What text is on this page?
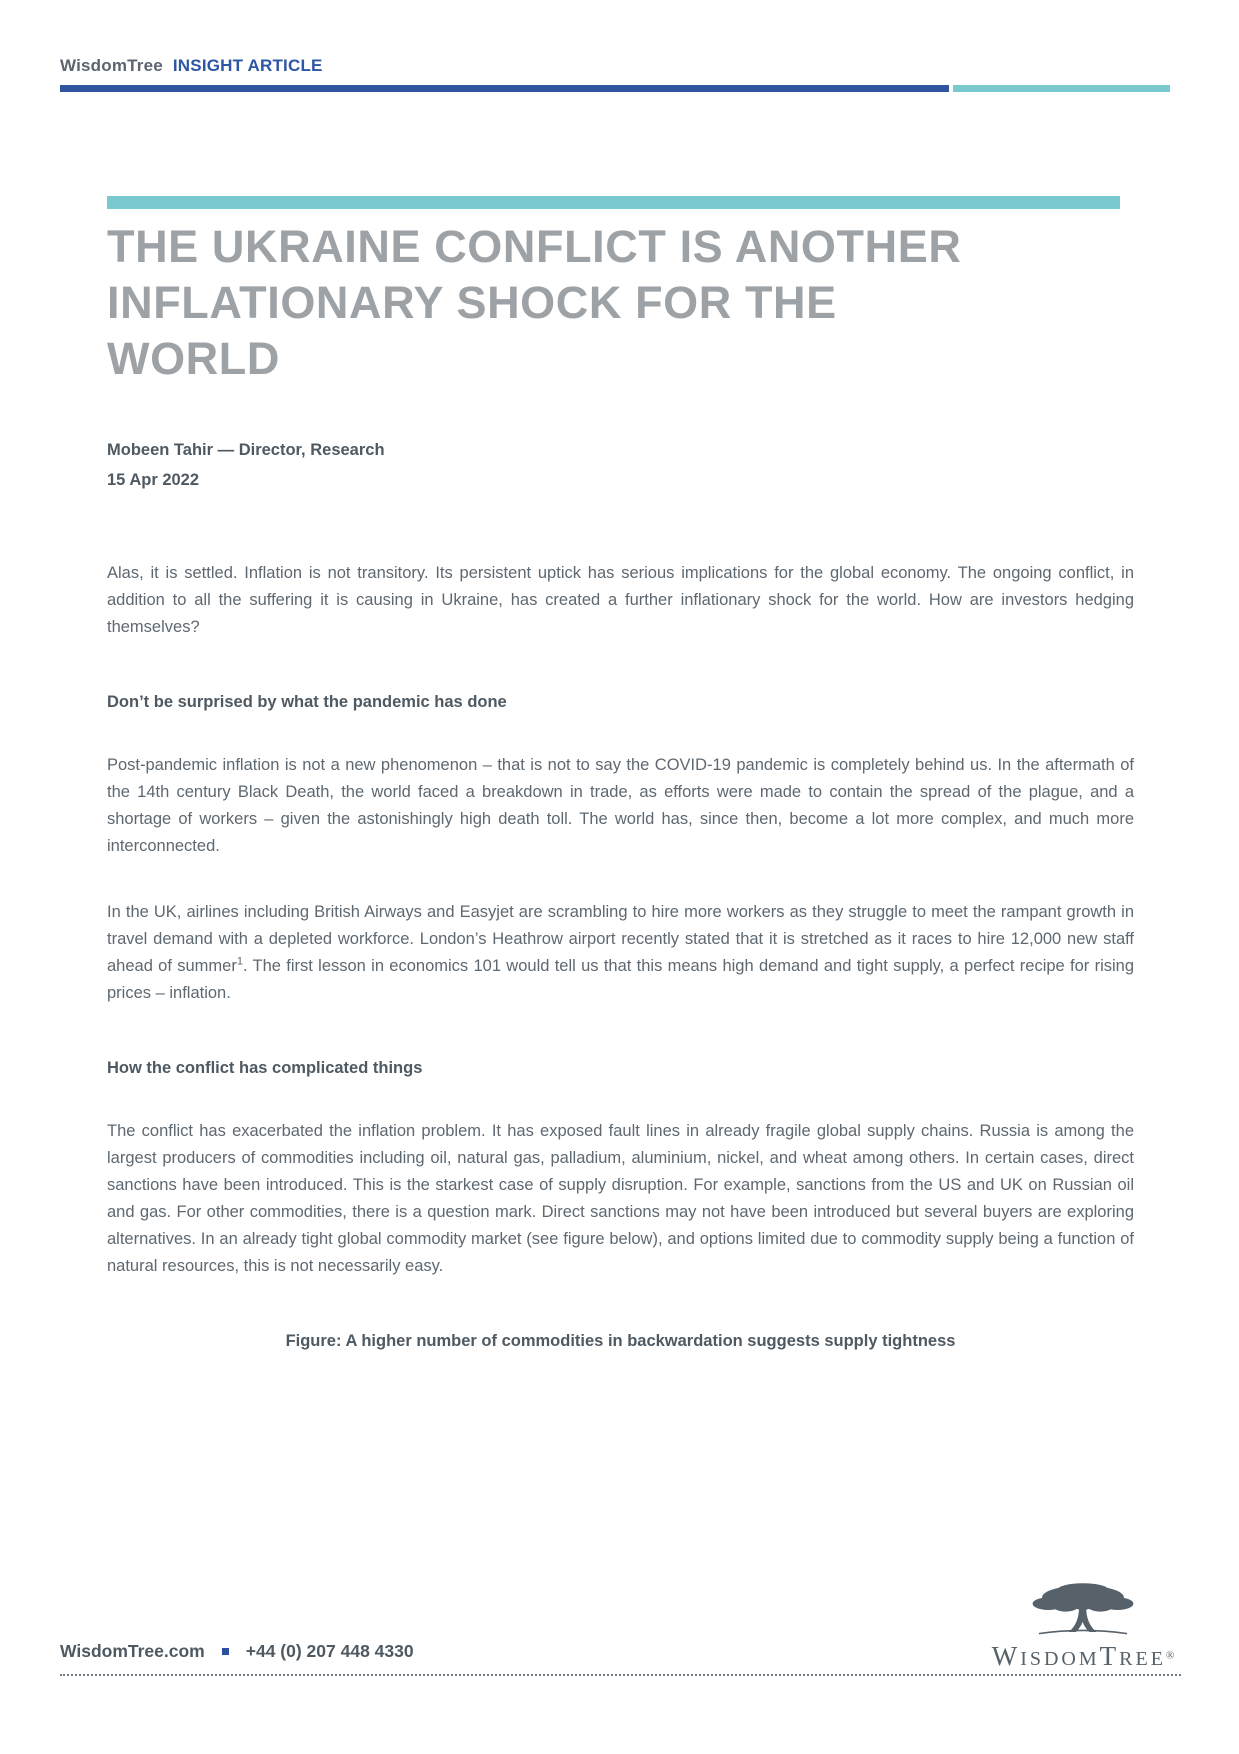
WisdomTree INSIGHT ARTICLE
THE UKRAINE CONFLICT IS ANOTHER
INFLATIONARY SHOCK FOR THE
WORLD
Mobeen Tahir — Director, Research
15 Apr 2022

Alas, it is settled. Inflation is not transitory. Its persistent uptick has serious implications for the global economy. The ongoing conflict, in addition to all the suffering it is causing in Ukraine, has created a further inflationary shock for the world. How are investors hedging themselves?

Don’t be surprised by what the pandemic has done

Post-pandemic inflation is not a new phenomenon – that is not to say the COVID-19 pandemic is completely behind us. In the aftermath of the 14th century Black Death, the world faced a breakdown in trade, as efforts were made to contain the spread of the plague, and a shortage of workers – given the astonishingly high death toll. The world has, since then, become a lot more complex, and much more interconnected.

In the UK, airlines including British Airways and Easyjet are scrambling to hire more workers as they struggle to meet the rampant growth in travel demand with a depleted workforce. London’s Heathrow airport recently stated that it is stretched as it races to hire 12,000 new staff ahead of summer$^1$. The first lesson in economics 101 would tell us that this means high demand and tight supply, a perfect recipe for rising prices – inflation.

How the conflict has complicated things

The conflict has exacerbated the inflation problem. It has exposed fault lines in already fragile global supply chains. Russia is among the largest producers of commodities including oil, natural gas, palladium, aluminium, nickel, and wheat among others. In certain cases, direct sanctions have been introduced. This is the starkest case of supply disruption. For example, sanctions from the US and UK on Russian oil and gas. For other commodities, there is a question mark. Direct sanctions may not have been introduced but several buyers are exploring alternatives. In an already tight global commodity market (see figure below), and options limited due to commodity supply being a function of natural resources, this is not necessarily easy.

Figure: A higher number of commodities in backwardation suggests supply tightness
WISDOMTREE®
WisdomTree.com +44 (0) 207 448 4330
